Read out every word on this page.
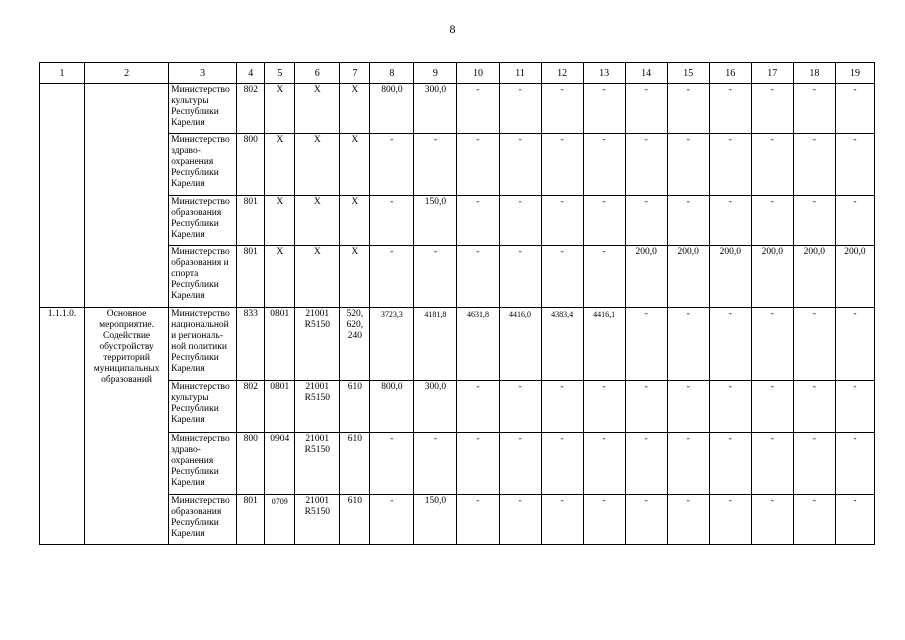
8
1	2	3	4	5	6	7	8	9	10	11	12	13	14	15	16	17	18	19
		Министерство культуры Республики Карелия	802	X	X	X	800,0	300,0	-	-	-	-	-	-	-	-	-	-
		Министерство здраво-охранения Республики Карелия	800	X	X	X	-	-	-	-	-	-	-	-	-	-	-	-
		Министерство образования Республики Карелия	801	X	X	X	-	150,0	-	-	-	-	-	-	-	-	-	-
		Министерство образования и спорта Республики Карелия	801	X	X	X	-	-	-	-	-	-	200,0	200,0	200,0	200,0	200,0	200,0
1.1.1.0.	Основное мероприятие. Содействие обустройству территорий муниципальных образований	Министерство национальной и региональ-ной политики Республики Карелия	833	0801	21001 R5150	520, 620, 240	3723,3	4181,8	4631,8	4416,0	4383,4	4416,1	-	-	-	-	-	-
		Министерство культуры Республики Карелия	802	0801	21001 R5150	610	800,0	300,0	-	-	-	-	-	-	-	-	-	-
		Министерство здраво-охранения Республики Карелия	800	0904	21001 R5150	610	-	-	-	-	-	-	-	-	-	-	-	-
		Министерство образования Республики Карелия	801	0709	21001 R5150	610	-	150,0	-	-	-	-	-	-	-	-	-	-
